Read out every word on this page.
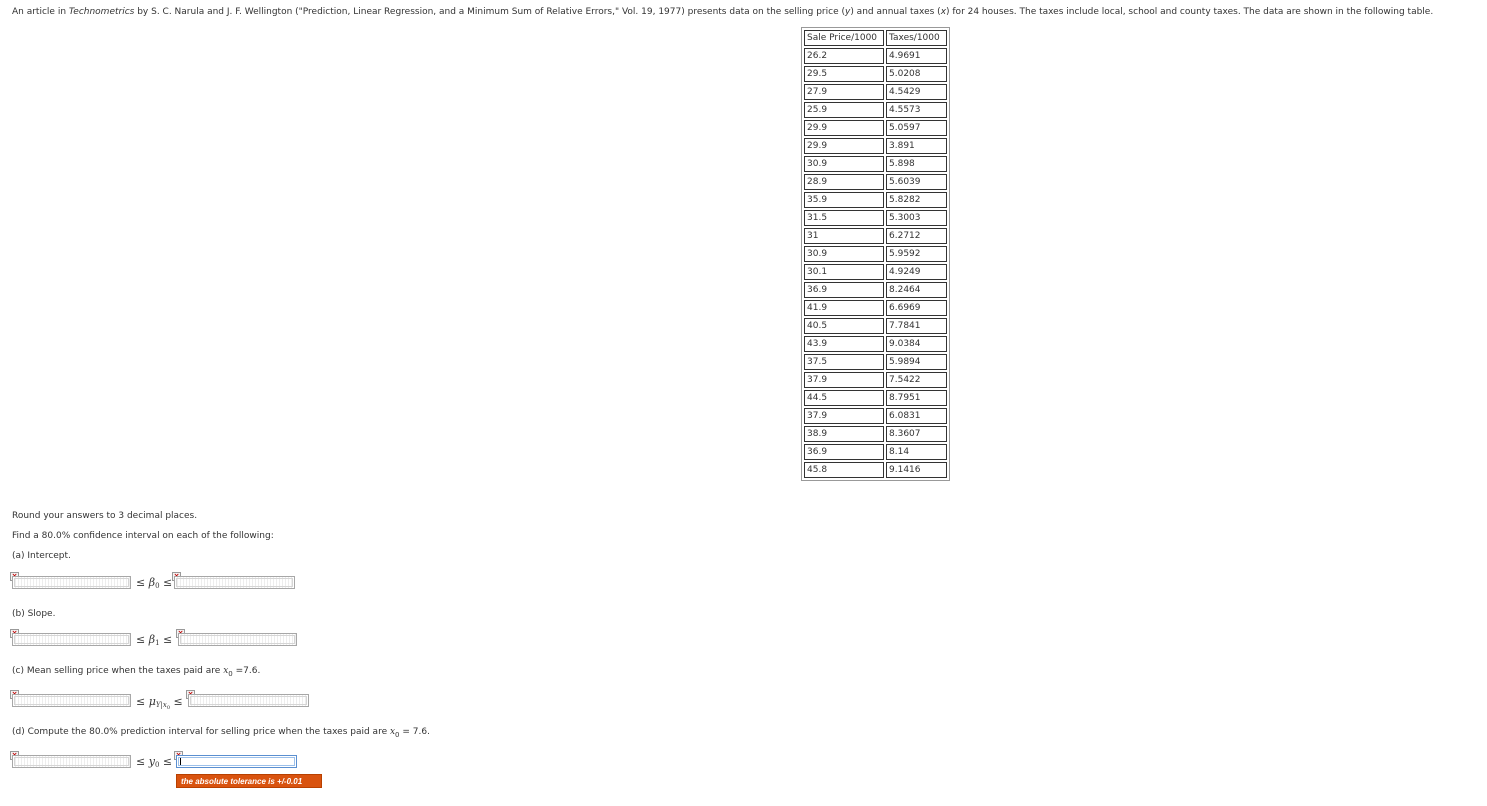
An article in Technometrics by S. C. Narula and J. F. Wellington ("Prediction, Linear Regression, and a Minimum Sum of Relative Errors," Vol. 19, 1977) presents data on the selling price (y) and annual taxes (x) for 24 houses. The taxes include local, school and county taxes. The data are shown in the following table.
Sale Price/1000	Taxes/1000
26.2	4.9691
29.5	5.0208
27.9	4.5429
25.9	4.5573
29.9	5.0597
29.9	3.891
30.9	5.898
28.9	5.6039
35.9	5.8282
31.5	5.3003
31	6.2712
30.9	5.9592
30.1	4.9249
36.9	8.2464
41.9	6.6969
40.5	7.7841
43.9	9.0384
37.5	5.9894
37.9	7.5422
44.5	8.7951
37.9	6.0831
38.9	8.3607
36.9	8.14
45.8	9.1416
Round your answers to 3 decimal places.
Find a 80.0% confidence interval on each of the following:
(a) Intercept.
≤ $\beta_0$ ≤
(b) Slope.
≤ $\beta_1$ ≤
(c) Mean selling price when the taxes paid are $x_0 =7.6$.
≤ $\mu_{Y|x_0}$ ≤
(d) Compute the 80.0% prediction interval for selling price when the taxes paid are $x_0 = 7.6$.
≤ $y_0$ ≤
the absolute tolerance is +/-0.01
